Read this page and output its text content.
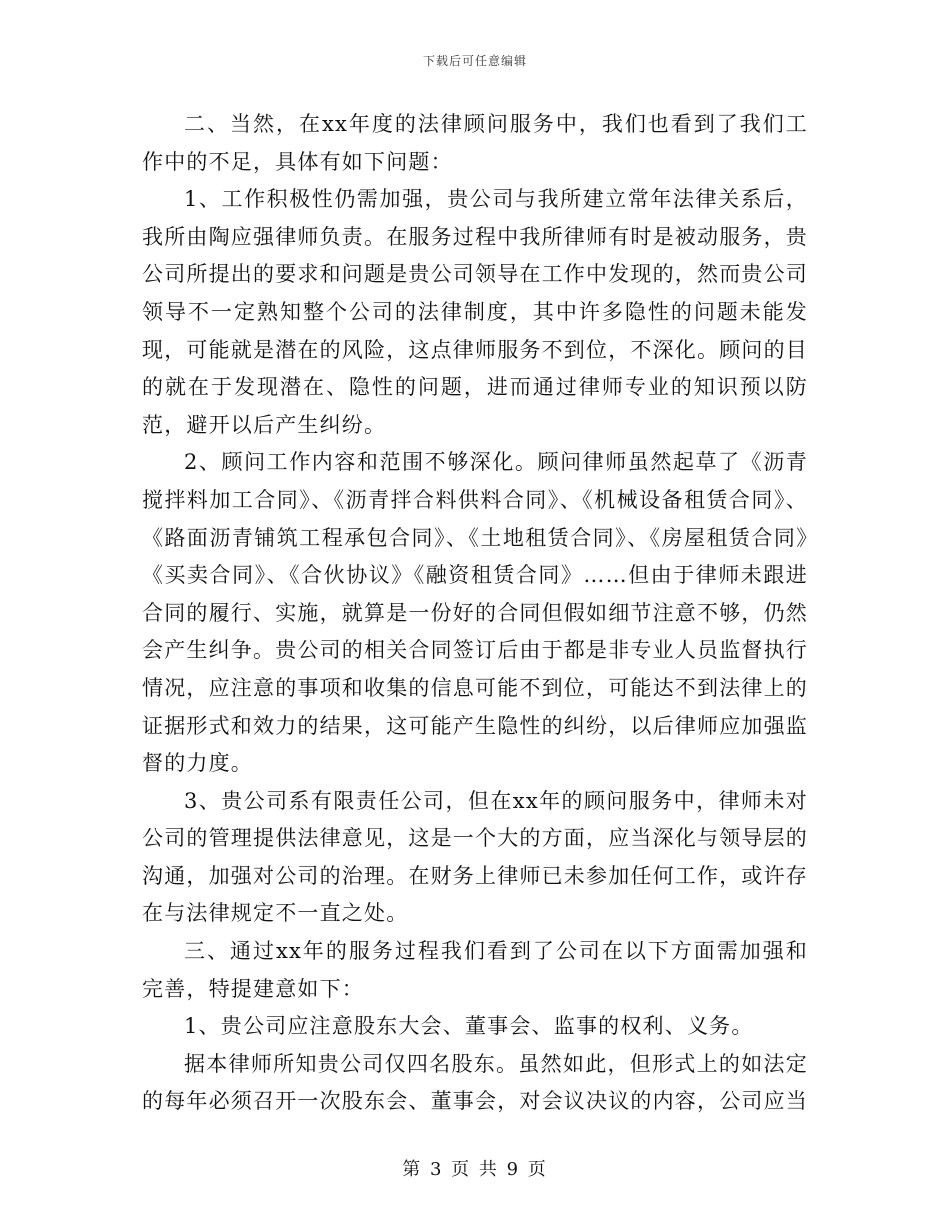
下载后可任意编辑

二、当然，在xx年度的法律顾问服务中，我们也看到了我们工作中的不足，具体有如下问题：

1、工作积极性仍需加强，贵公司与我所建立常年法律关系后，我所由陶应强律师负责。在服务过程中我所律师有时是被动服务，贵公司所提出的要求和问题是贵公司领导在工作中发现的，然而贵公司领导不一定熟知整个公司的法律制度，其中许多隐性的问题未能发现，可能就是潜在的风险，这点律师服务不到位，不深化。顾问的目的就在于发现潜在、隐性的问题，进而通过律师专业的知识预以防范，避开以后产生纠纷。

2、顾问工作内容和范围不够深化。顾问律师虽然起草了《沥青搅拌料加工合同》、《沥青拌合料供料合同》、《机械设备租赁合同》、《路面沥青铺筑工程承包合同》、《土地租赁合同》、《房屋租赁合同》《买卖合同》、《合伙协议》《融资租赁合同》……但由于律师未跟进合同的履行、实施，就算是一份好的合同但假如细节注意不够，仍然会产生纠争。贵公司的相关合同签订后由于都是非专业人员监督执行情况，应注意的事项和收集的信息可能不到位，可能达不到法律上的证据形式和效力的结果，这可能产生隐性的纠纷，以后律师应加强监督的力度。

3、贵公司系有限责任公司，但在xx年的顾问服务中，律师未对公司的管理提供法律意见，这是一个大的方面，应当深化与领导层的沟通，加强对公司的治理。在财务上律师已未参加任何工作，或许存在与法律规定不一直之处。

三、通过xx年的服务过程我们看到了公司在以下方面需加强和完善，特提建意如下：

1、贵公司应注意股东大会、董事会、监事的权利、义务。

据本律师所知贵公司仅四名股东。虽然如此，但形式上的如法定的每年必须召开一次股东会、董事会，对会议决议的内容，公司应当

第 3 页 共 9 页
